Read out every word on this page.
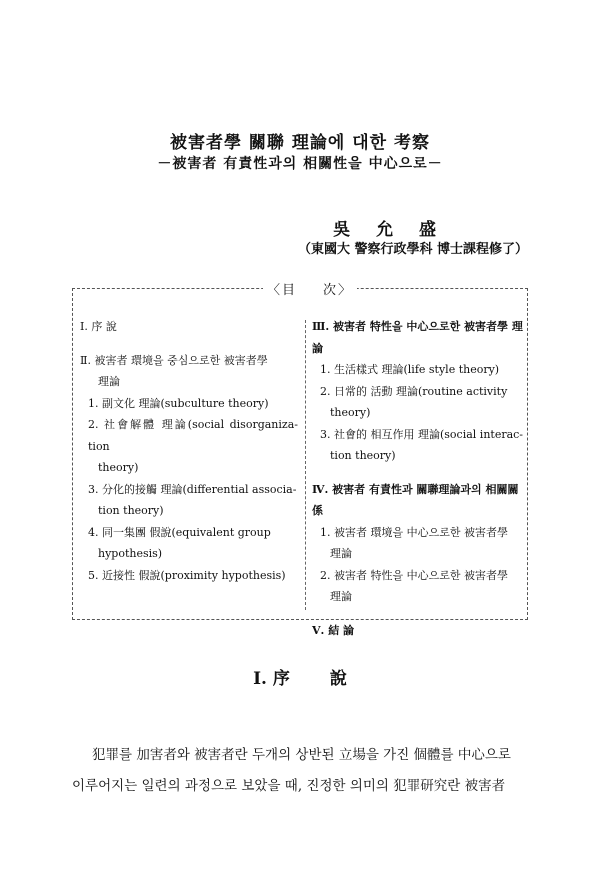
被害者學 關聯 理論에 대한 考察
－被害者 有責性과의 相關性을 中心으로－
吳 允 盛
（東國大 警察行政學科 博士課程修了）
〈目 次〉
Ⅰ. 序 說
Ⅱ. 被害者 環境을 중심으로한 被害者學
理論
1. 副文化 理論(subculture theory)
2. 社會解體 理論(social disorganiza-tion
theory)
3. 分化的接觸 理論(differential associa-
tion theory)
4. 同一集團 假說(equivalent group
hypothesis)
5. 近接性 假說(proximity hypothesis)
Ⅲ. 被害者 特性을 中心으로한 被害者學 理論
1. 生活樣式 理論(life style theory)
2. 日常的 活動 理論(routine activity
theory)
3. 社會的 相互作用 理論(social interac-
tion theory)
Ⅳ. 被害者 有責性과 關聯理論과의 相關關係
1. 被害者 環境을 中心으로한 被害者學
理論
2. 被害者 特性을 中心으로한 被害者學
理論
Ⅴ. 結 論
Ⅰ. 序 說
犯罪를 加害者와 被害者란 두개의 상반된 立場을 가진 個體를 中心으로
이루어지는 일련의 과정으로 보았을 때, 진정한 의미의 犯罪研究란 被害者
